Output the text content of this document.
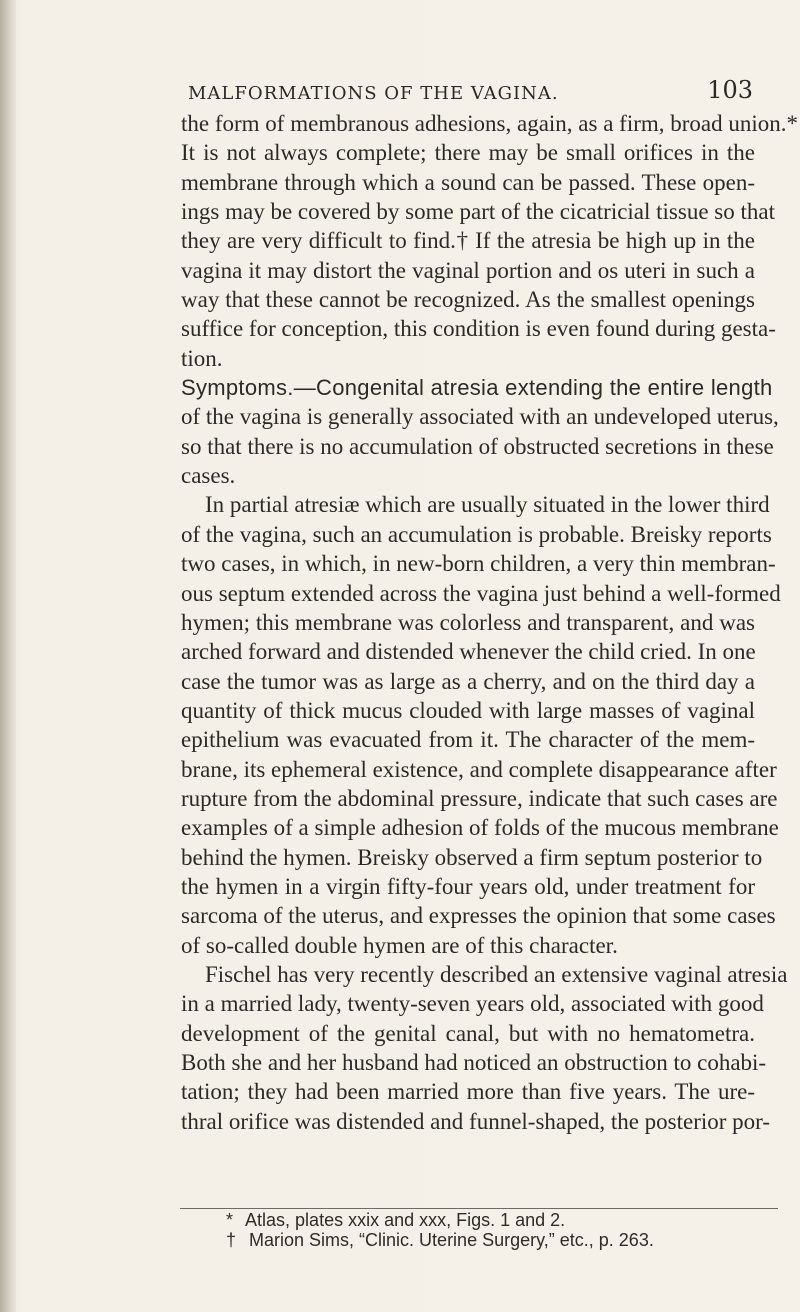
MALFORMATIONS OF THE VAGINA.	103
the form of membranous adhesions, again, as a firm, broad union.*
It is not always complete; there may be small orifices in the
membrane through which a sound can be passed. These open-
ings may be covered by some part of the cicatricial tissue so that
they are very difficult to find.† If the atresia be high up in the
vagina it may distort the vaginal portion and os uteri in such a
way that these cannot be recognized. As the smallest openings
suffice for conception, this condition is even found during gesta-
tion.
Symptoms.—Congenital atresia extending the entire length
of the vagina is generally associated with an undeveloped uterus,
so that there is no accumulation of obstructed secretions in these
cases.
In partial atresiæ which are usually situated in the lower third
of the vagina, such an accumulation is probable. Breisky reports
two cases, in which, in new-born children, a very thin membran-
ous septum extended across the vagina just behind a well-formed
hymen; this membrane was colorless and transparent, and was
arched forward and distended whenever the child cried. In one
case the tumor was as large as a cherry, and on the third day a
quantity of thick mucus clouded with large masses of vaginal
epithelium was evacuated from it. The character of the mem-
brane, its ephemeral existence, and complete disappearance after
rupture from the abdominal pressure, indicate that such cases are
examples of a simple adhesion of folds of the mucous membrane
behind the hymen. Breisky observed a firm septum posterior to
the hymen in a virgin fifty-four years old, under treatment for
sarcoma of the uterus, and expresses the opinion that some cases
of so-called double hymen are of this character.
Fischel has very recently described an extensive vaginal atresia
in a married lady, twenty-seven years old, associated with good
development of the genital canal, but with no hematometra.
Both she and her husband had noticed an obstruction to cohabi-
tation; they had been married more than five years. The ure-
thral orifice was distended and funnel-shaped, the posterior por-
* Atlas, plates xxix and xxx, Figs. 1 and 2.
† Marion Sims, “Clinic. Uterine Surgery,” etc., p. 263.
